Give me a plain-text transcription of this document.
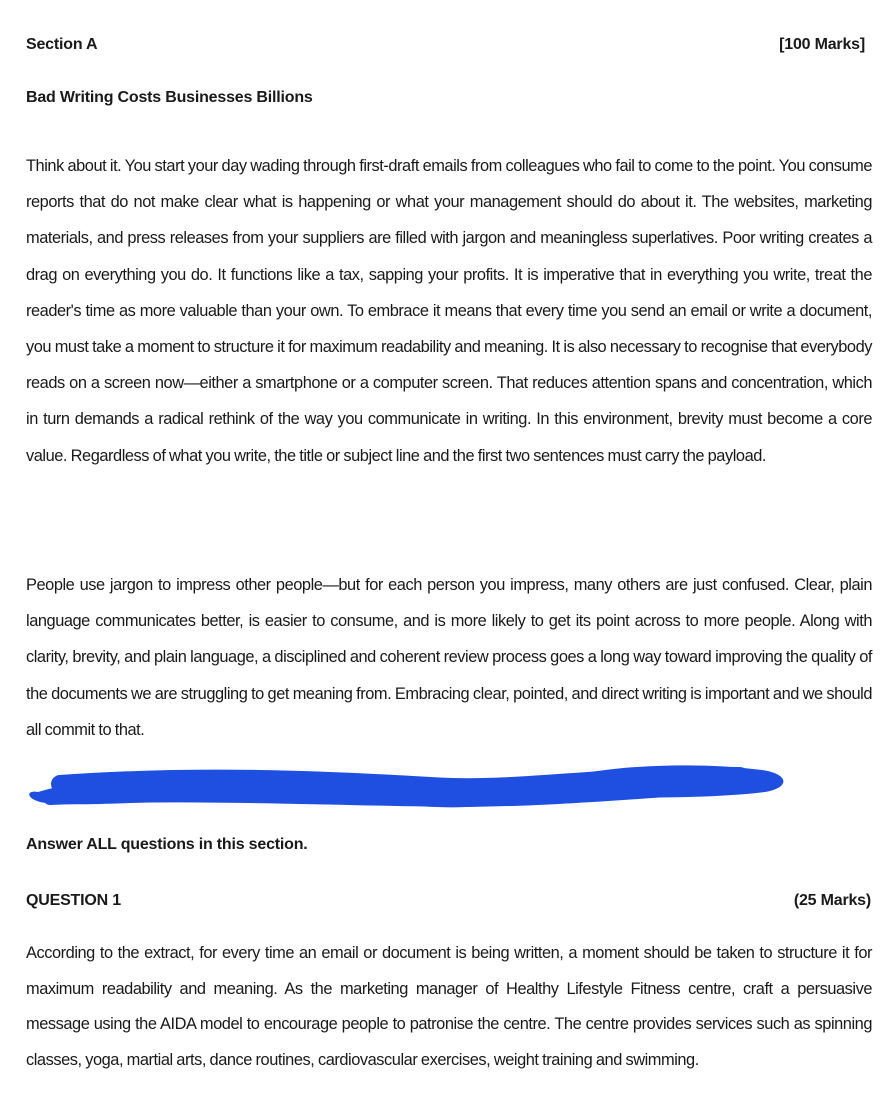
Section A	[100 Marks]
Bad Writing Costs Businesses Billions

Think about it. You start your day wading through first-draft emails from colleagues who fail to come to the point. You consume reports that do not make clear what is happening or what your management should do about it. The websites, marketing materials, and press releases from your suppliers are filled with jargon and meaningless superlatives. Poor writing creates a drag on everything you do. It functions like a tax, sapping your profits. It is imperative that in everything you write, treat the reader's time as more valuable than your own. To embrace it means that every time you send an email or write a document, you must take a moment to structure it for maximum readability and meaning. It is also necessary to recognise that everybody reads on a screen now—either a smartphone or a computer screen. That reduces attention spans and concentration, which in turn demands a radical rethink of the way you communicate in writing. In this environment, brevity must become a core value. Regardless of what you write, the title or subject line and the first two sentences must carry the payload.

People use jargon to impress other people—but for each person you impress, many others are just confused. Clear, plain language communicates better, is easier to consume, and is more likely to get its point across to more people. Along with clarity, brevity, and plain language, a disciplined and coherent review process goes a long way toward improving the quality of the documents we are struggling to get meaning from. Embracing clear, pointed, and direct writing is important and we should all commit to that.

Answer ALL questions in this section.
QUESTION 1	(25 Marks)

According to the extract, for every time an email or document is being written, a moment should be taken to structure it for maximum readability and meaning. As the marketing manager of Healthy Lifestyle Fitness centre, craft a persuasive message using the AIDA model to encourage people to patronise the centre. The centre provides services such as spinning classes, yoga, martial arts, dance routines, cardiovascular exercises, weight training and swimming.
